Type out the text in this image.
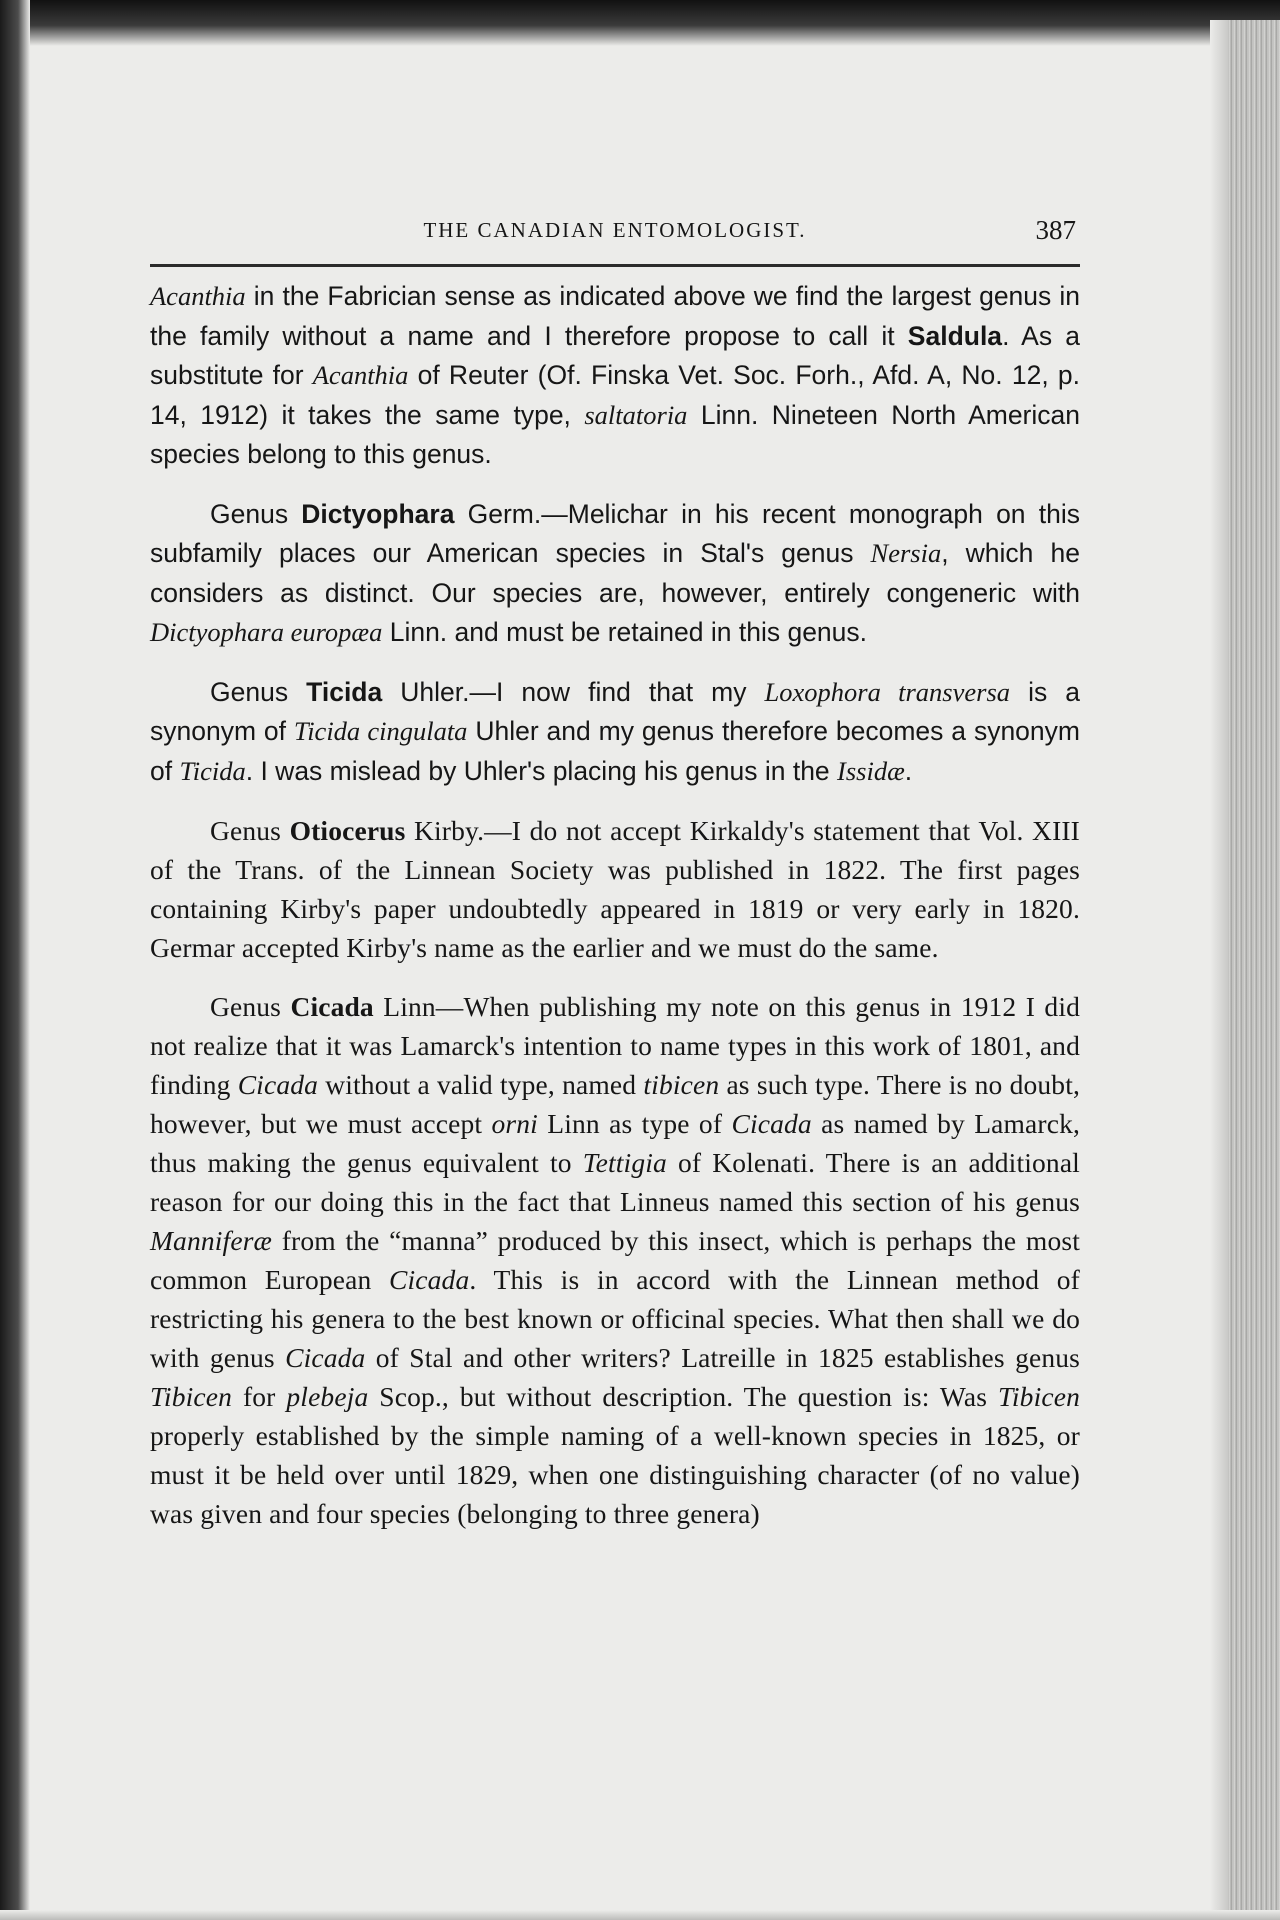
THE CANADIAN ENTOMOLOGIST.	387

Acanthia in the Fabrician sense as indicated above we find the largest genus in the family without a name and I therefore propose to call it Saldula. As a substitute for Acanthia of Reuter (Of. Finska Vet. Soc. Forh., Afd. A, No. 12, p. 14, 1912) it takes the same type, saltatoria Linn. Nineteen North American species belong to this genus.

Genus Dictyophara Germ.—Melichar in his recent monograph on this subfamily places our American species in Stal's genus Nersia, which he considers as distinct. Our species are, however, entirely congeneric with Dictyophara europæa Linn. and must be retained in this genus.

Genus Ticida Uhler.—I now find that my Loxophora transversa is a synonym of Ticida cingulata Uhler and my genus therefore becomes a synonym of Ticida. I was mislead by Uhler's placing his genus in the Issidæ.

Genus Otiocerus Kirby.—I do not accept Kirkaldy's statement that Vol. XIII of the Trans. of the Linnean Society was published in 1822. The first pages containing Kirby's paper undoubtedly appeared in 1819 or very early in 1820. Germar accepted Kirby's name as the earlier and we must do the same.

Genus Cicada Linn—When publishing my note on this genus in 1912 I did not realize that it was Lamarck's intention to name types in this work of 1801, and finding Cicada without a valid type, named tibicen as such type. There is no doubt, however, but we must accept orni Linn as type of Cicada as named by Lamarck, thus making the genus equivalent to Tettigia of Kolenati. There is an additional reason for our doing this in the fact that Linneus named this section of his genus Manniferæ from the “manna” produced by this insect, which is perhaps the most common European Cicada. This is in accord with the Linnean method of restricting his genera to the best known or officinal species. What then shall we do with genus Cicada of Stal and other writers? Latreille in 1825 establishes genus Tibicen for plebeja Scop., but without description. The question is: Was Tibicen properly established by the simple naming of a well-known species in 1825, or must it be held over until 1829, when one distinguishing character (of no value) was given and four species (belonging to three genera)
